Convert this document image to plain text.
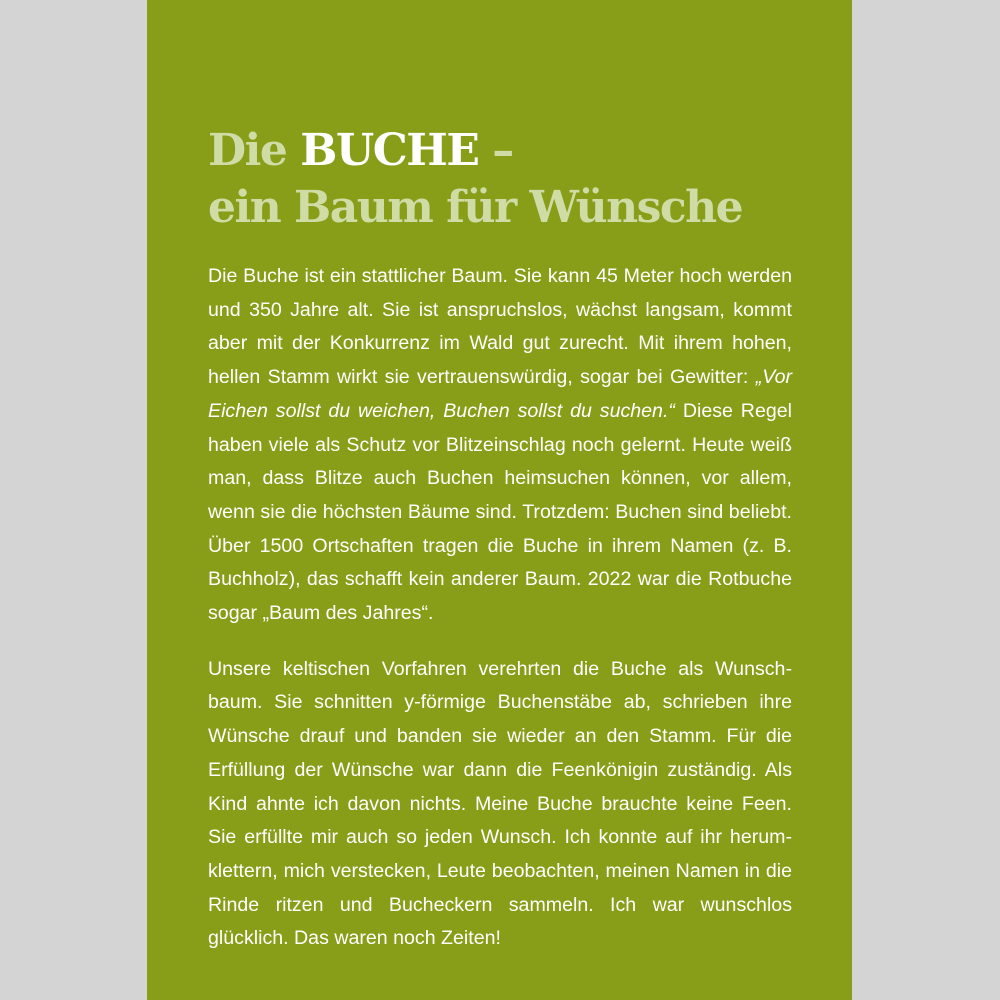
Die BUCHE –
ein Baum für Wünsche

Die Buche ist ein stattlicher Baum. Sie kann 45 Meter hoch werden und 350 Jahre alt. Sie ist anspruchslos, wächst langsam, kommt aber mit der Konkurrenz im Wald gut zurecht. Mit ihrem hohen, hellen Stamm wirkt sie vertrauenswürdig, sogar bei Gewitter: „Vor Eichen sollst du weichen, Buchen sollst du suchen.“ Diese Regel haben viele als Schutz vor Blitzeinschlag noch gelernt. Heute weiß man, dass Blitze auch Buchen heimsuchen können, vor allem, wenn sie die höchsten Bäume sind. Trotzdem: Buchen sind beliebt. Über 1500 Ortschaften tragen die Buche in ihrem Namen (z. B. Buchholz), das schafft kein anderer Baum. 2022 war die Rotbuche sogar „Baum des Jahres“.

Unsere keltischen Vorfahren verehrten die Buche als Wunschbaum. Sie schnitten y-förmige Buchenstäbe ab, schrieben ihre Wünsche drauf und banden sie wieder an den Stamm. Für die Erfüllung der Wünsche war dann die Feenkönigin zuständig. Als Kind ahnte ich davon nichts. Meine Buche brauchte keine Feen. Sie erfüllte mir auch so jeden Wunsch. Ich konnte auf ihr herumklettern, mich verstecken, Leute beobachten, meinen Namen in die Rinde ritzen und Bucheckern sammeln. Ich war wunschlos glücklich. Das waren noch Zeiten!
